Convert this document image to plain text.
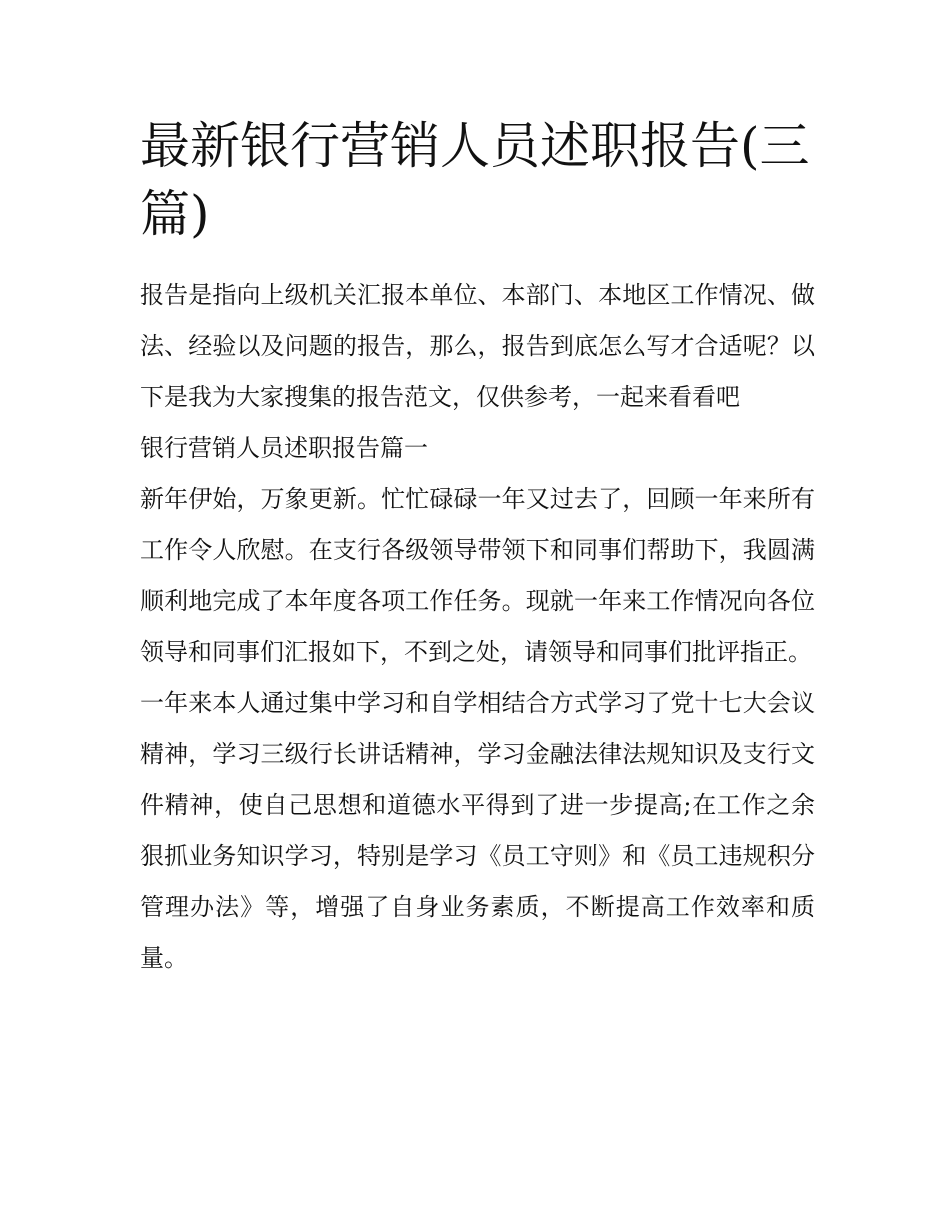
最新银行营销人员述职报告(三篇)

报告是指向上级机关汇报本单位、本部门、本地区工作情况、做法、经验以及问题的报告，那么，报告到底怎么写才合适呢？以下是我为大家搜集的报告范文，仅供参考，一起来看看吧

银行营销人员述职报告篇一

新年伊始，万象更新。忙忙碌碌一年又过去了，回顾一年来所有工作令人欣慰。在支行各级领导带领下和同事们帮助下，我圆满顺利地完成了本年度各项工作任务。现就一年来工作情况向各位领导和同事们汇报如下，不到之处，请领导和同事们批评指正。

一年来本人通过集中学习和自学相结合方式学习了党十七大会议精神，学习三级行长讲话精神，学习金融法律法规知识及支行文件精神，使自己思想和道德水平得到了进一步提高;在工作之余狠抓业务知识学习，特别是学习《员工守则》和《员工违规积分管理办法》等，增强了自身业务素质，不断提高工作效率和质量。
